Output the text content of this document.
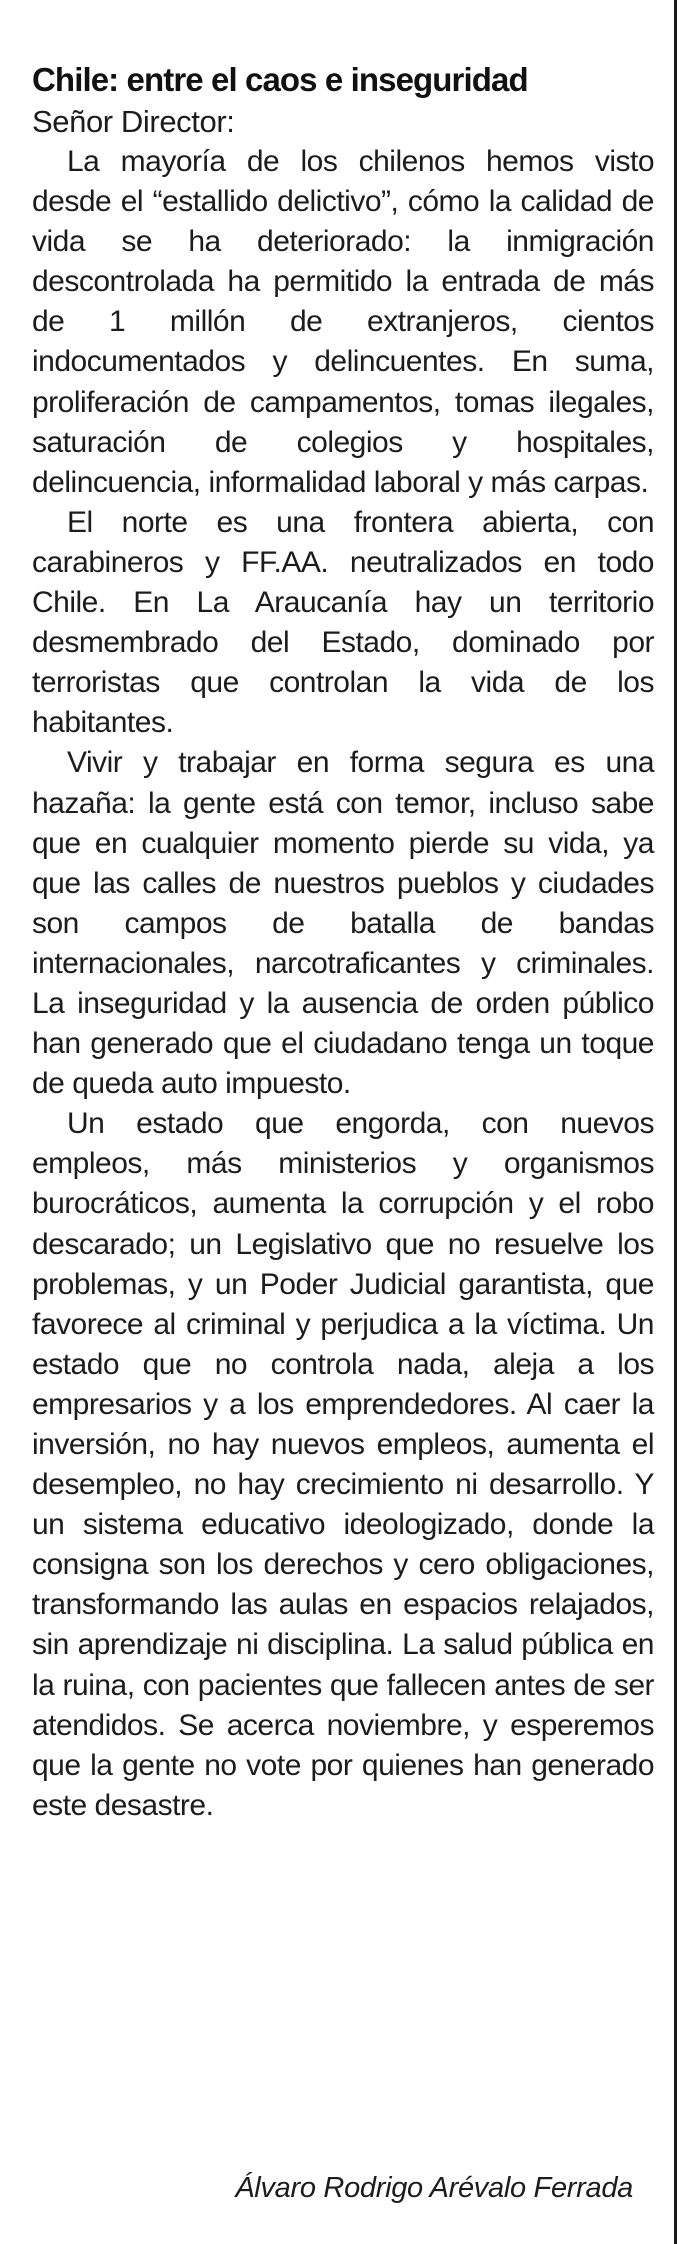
Chile: entre el caos e inseguridad

Señor Director:

La mayoría de los chilenos hemos visto desde el “estallido delictivo”, cómo la calidad de vida se ha deteriorado: la inmigración descontrolada ha permitido la entrada de más de 1 millón de extranjeros, cientos indocumentados y delincuentes. En suma, proliferación de campamentos, tomas ilegales, saturación de colegios y hospitales, delincuencia, informalidad laboral y más carpas.

El norte es una frontera abierta, con carabineros y FF.AA. neutralizados en todo Chile. En La Araucanía hay un territorio desmembrado del Estado, dominado por terroristas que controlan la vida de los habitantes.

Vivir y trabajar en forma segura es una hazaña: la gente está con temor, incluso sabe que en cualquier momento pierde su vida, ya que las calles de nuestros pueblos y ciudades son campos de batalla de bandas internacionales, narcotraficantes y criminales. La inseguridad y la ausencia de orden público han generado que el ciudadano tenga un toque de queda auto impuesto.

Un estado que engorda, con nuevos empleos, más ministerios y organismos burocráticos, aumenta la corrupción y el robo descarado; un Legislativo que no resuelve los problemas, y un Poder Judicial garantista, que favorece al criminal y perjudica a la víctima. Un estado que no controla nada, aleja a los empresarios y a los emprendedores. Al caer la inversión, no hay nuevos empleos, aumenta el desempleo, no hay crecimiento ni desarrollo. Y un sistema educativo ideologizado, donde la consigna son los derechos y cero obligaciones, transformando las aulas en espacios relajados, sin aprendizaje ni disciplina. La salud pública en la ruina, con pacientes que fallecen antes de ser atendidos. Se acerca noviembre, y esperemos que la gente no vote por quienes han generado este desastre.

Álvaro Rodrigo Arévalo Ferrada
